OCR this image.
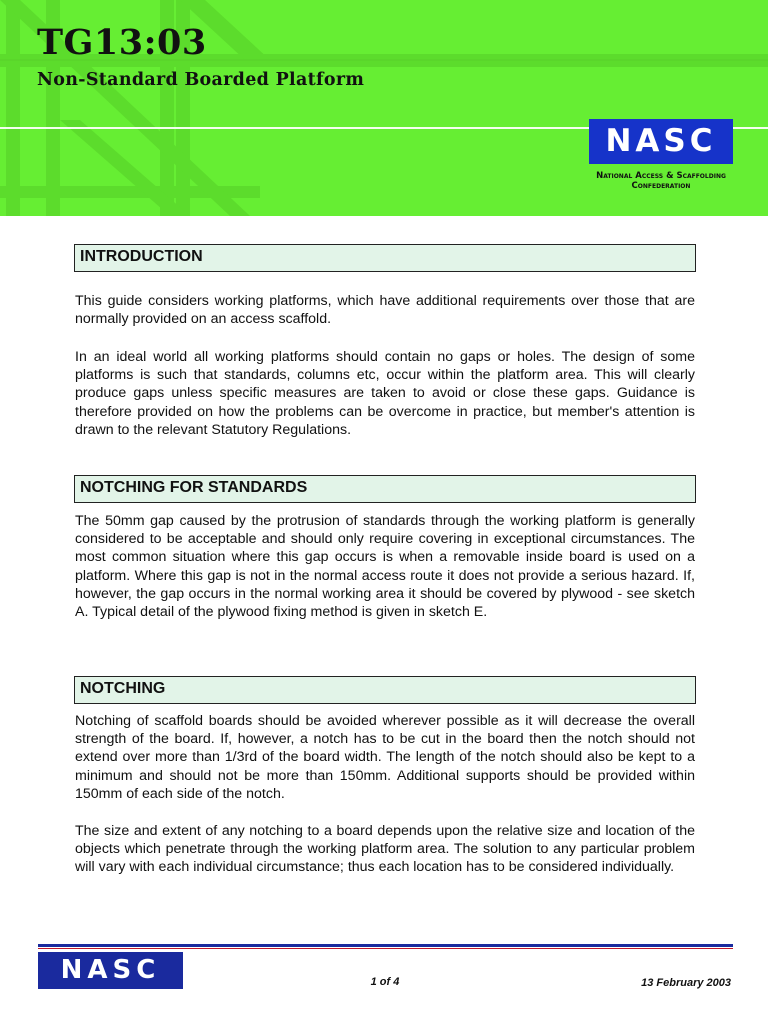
TG13:03
Non-Standard Boarded Platform
NASC
National Access & Scaffolding
Confederation
INTRODUCTION

This guide considers working platforms, which have additional requirements over those that are normally provided on an access scaffold.

In an ideal world all working platforms should contain no gaps or holes. The design of some platforms is such that standards, columns etc, occur within the platform area. This will clearly produce gaps unless specific measures are taken to avoid or close these gaps. Guidance is therefore provided on how the problems can be overcome in practice, but member's attention is drawn to the relevant Statutory Regulations.

NOTCHING FOR STANDARDS

The 50mm gap caused by the protrusion of standards through the working platform is generally considered to be acceptable and should only require covering in exceptional circumstances. The most common situation where this gap occurs is when a removable inside board is used on a platform. Where this gap is not in the normal access route it does not provide a serious hazard. If, however, the gap occurs in the normal working area it should be covered by plywood - see sketch A. Typical detail of the plywood fixing method is given in sketch E.

NOTCHING

Notching of scaffold boards should be avoided wherever possible as it will decrease the overall strength of the board. If, however, a notch has to be cut in the board then the notch should not extend over more than 1/3rd of the board width. The length of the notch should also be kept to a minimum and should not be more than 150mm. Additional supports should be provided within 150mm of each side of the notch.

The size and extent of any notching to a board depends upon the relative size and location of the objects which penetrate through the working platform area. The solution to any particular problem will vary with each individual circumstance; thus each location has to be considered individually.

NASC	1 of 4	13 February 2003
